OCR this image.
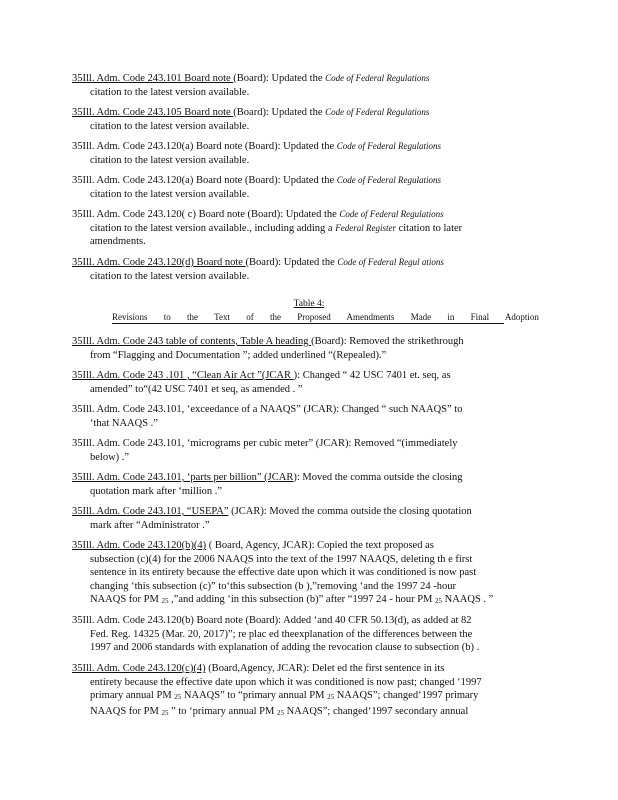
35Ill. Adm. Code 243.101 Board note (Board): Updated the Code of Federal Regulations
citation to the latest version available.
35Ill. Adm. Code 243.105 Board note (Board): Updated the Code of Federal Regulations
citation to the latest version available.
35Ill. Adm. Code 243.120(a) Board note (Board): Updated the Code of Federal Regulations
citation to the latest version available.
35Ill. Adm. Code 243.120(a) Board note (Board): Updated the Code of Federal Regulations
citation to the latest version available.
35Ill. Adm. Code 243.120( c) Board note (Board): Updated the Code of Federal Regulations
citation to the latest version available., including adding a Federal Register citation to later
amendments.
35Ill. Adm. Code 243.120(d) Board note (Board): Updated the Code of Federal Regul ations
citation to the latest version available.
Table 4:
Revisions to the Text of the Proposed Amendments Made in Final Adoption
35Ill. Adm. Code 243 table of contents, Table A heading (Board): Removed the strikethrough
from “Flagging and Documentation ”; added underlined “(Repealed).”
35Ill. Adm. Code 243 .101 , “Clean Air Act ”(JCAR ): Changed “ 42 USC 7401 et. seq, as
amended” to“(42 USC 7401 et seq, as amended . ”
35Ill. Adm. Code 243.101, ‘exceedance of a NAAQS” (JCAR): Changed “ such NAAQS” to
‘that NAAQS .”
35Ill. Adm. Code 243.101, ‘micrograms per cubic meter” (JCAR): Removed “(immediately
below) .”
35Ill. Adm. Code 243.101, ‘parts per billion” (JCAR): Moved the comma outside the closing
quotation mark after ‘million .”
35Ill. Adm. Code 243.101, “USEPA” (JCAR): Moved the comma outside the closing quotation
mark after “Administrator .”
35Ill. Adm. Code 243.120(b)(4) ( Board, Agency, JCAR): Copied the text proposed as
subsection (c)(4) for the 2006 NAAQS into the text of the 1997 NAAQS, deleting th e first
sentence in its entirety because the effective date upon which it was conditioned is now past
changing ‘this subsection (c)” to‘this subsection (b ),”removing ‘and the 1997 24 -hour
NAAQS for PM 25 ,”and adding ‘in this subsection (b)” after “1997 24 - hour PM 25 NAAQS . ”
35Ill. Adm. Code 243.120(b) Board note (Board): Added ‘and 40 CFR 50.13(d), as added at 82
Fed. Reg. 14325 (Mar. 20, 2017)”; re plac ed theexplanation of the differences between the
1997 and 2006 standards with explanation of adding the revocation clause to subsection (b) .
35Ill. Adm. Code 243.120(c)(4) (Board,Agency, JCAR): Delet ed the first sentence in its
entirety because the effective date upon which it was conditioned is now past; changed ‘1997
primary annual PM 25 NAAQS” to “primary annual PM 25 NAAQS”; changed‘1997 primary
NAAQS for PM 25 ” to ‘primary annual PM 25 NAAQS”; changed‘1997 secondary annual
